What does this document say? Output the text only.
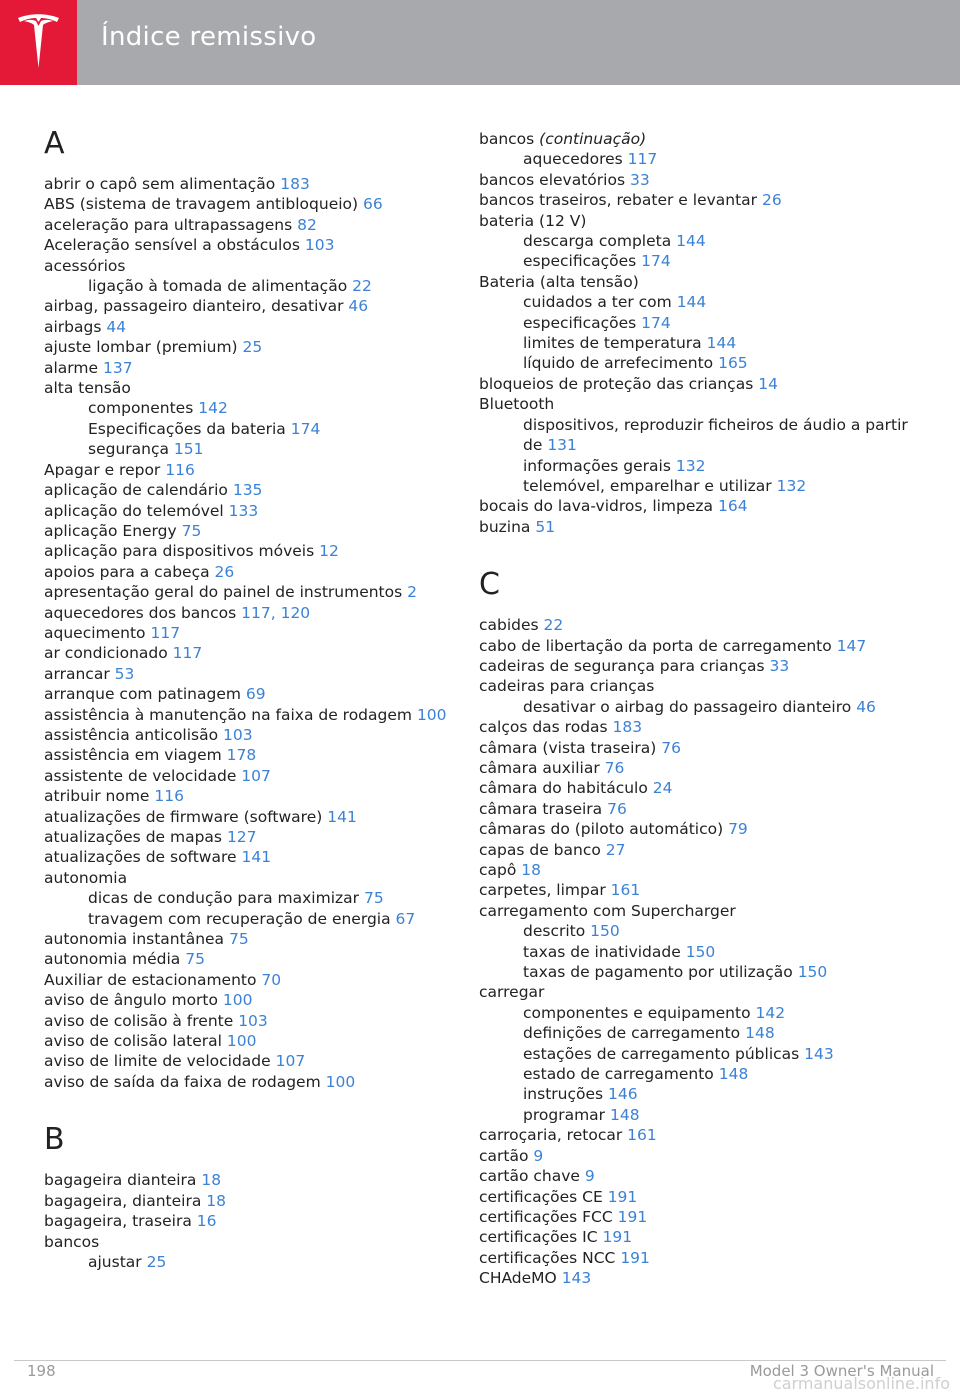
Índice remissivo
A
abrir o capô sem alimentação 183
ABS (sistema de travagem antibloqueio) 66
aceleração para ultrapassagens 82
Aceleração sensível a obstáculos 103
acessórios
ligação à tomada de alimentação 22
airbag, passageiro dianteiro, desativar 46
airbags 44
ajuste lombar (premium) 25
alarme 137
alta tensão
componentes 142
Especificações da bateria 174
segurança 151
Apagar e repor 116
aplicação de calendário 135
aplicação do telemóvel 133
aplicação Energy 75
aplicação para dispositivos móveis 12
apoios para a cabeça 26
apresentação geral do painel de instrumentos 2
aquecedores dos bancos 117, 120
aquecimento 117
ar condicionado 117
arrancar 53
arranque com patinagem 69
assistência à manutenção na faixa de rodagem 100
assistência anticolisão 103
assistência em viagem 178
assistente de velocidade 107
atribuir nome 116
atualizações de firmware (software) 141
atualizações de mapas 127
atualizações de software 141
autonomia
dicas de condução para maximizar 75
travagem com recuperação de energia 67
autonomia instantânea 75
autonomia média 75
Auxiliar de estacionamento 70
aviso de ângulo morto 100
aviso de colisão à frente 103
aviso de colisão lateral 100
aviso de limite de velocidade 107
aviso de saída da faixa de rodagem 100
B
bagageira dianteira 18
bagageira, dianteira 18
bagageira, traseira 16
bancos
ajustar 25
bancos (continuação)
aquecedores 117
bancos elevatórios 33
bancos traseiros, rebater e levantar 26
bateria (12 V)
descarga completa 144
especificações 174
Bateria (alta tensão)
cuidados a ter com 144
especificações 174
limites de temperatura 144
líquido de arrefecimento 165
bloqueios de proteção das crianças 14
Bluetooth
dispositivos, reproduzir ficheiros de áudio a partir de 131
informações gerais 132
telemóvel, emparelhar e utilizar 132
bocais do lava-vidros, limpeza 164
buzina 51
C
cabides 22
cabo de libertação da porta de carregamento 147
cadeiras de segurança para crianças 33
cadeiras para crianças
desativar o airbag do passageiro dianteiro 46
calços das rodas 183
câmara (vista traseira) 76
câmara auxiliar 76
câmara do habitáculo 24
câmara traseira 76
câmaras do (piloto automático) 79
capas de banco 27
capô 18
carpetes, limpar 161
carregamento com Supercharger
descrito 150
taxas de inatividade 150
taxas de pagamento por utilização 150
carregar
componentes e equipamento 142
definições de carregamento 148
estações de carregamento públicas 143
estado de carregamento 148
instruções 146
programar 148
carroçaria, retocar 161
cartão 9
cartão chave 9
certificações CE 191
certificações FCC 191
certificações IC 191
certificações NCC 191
CHAdeMO 143
198	Model 3 Owner's Manual
carmanualsonline.info
